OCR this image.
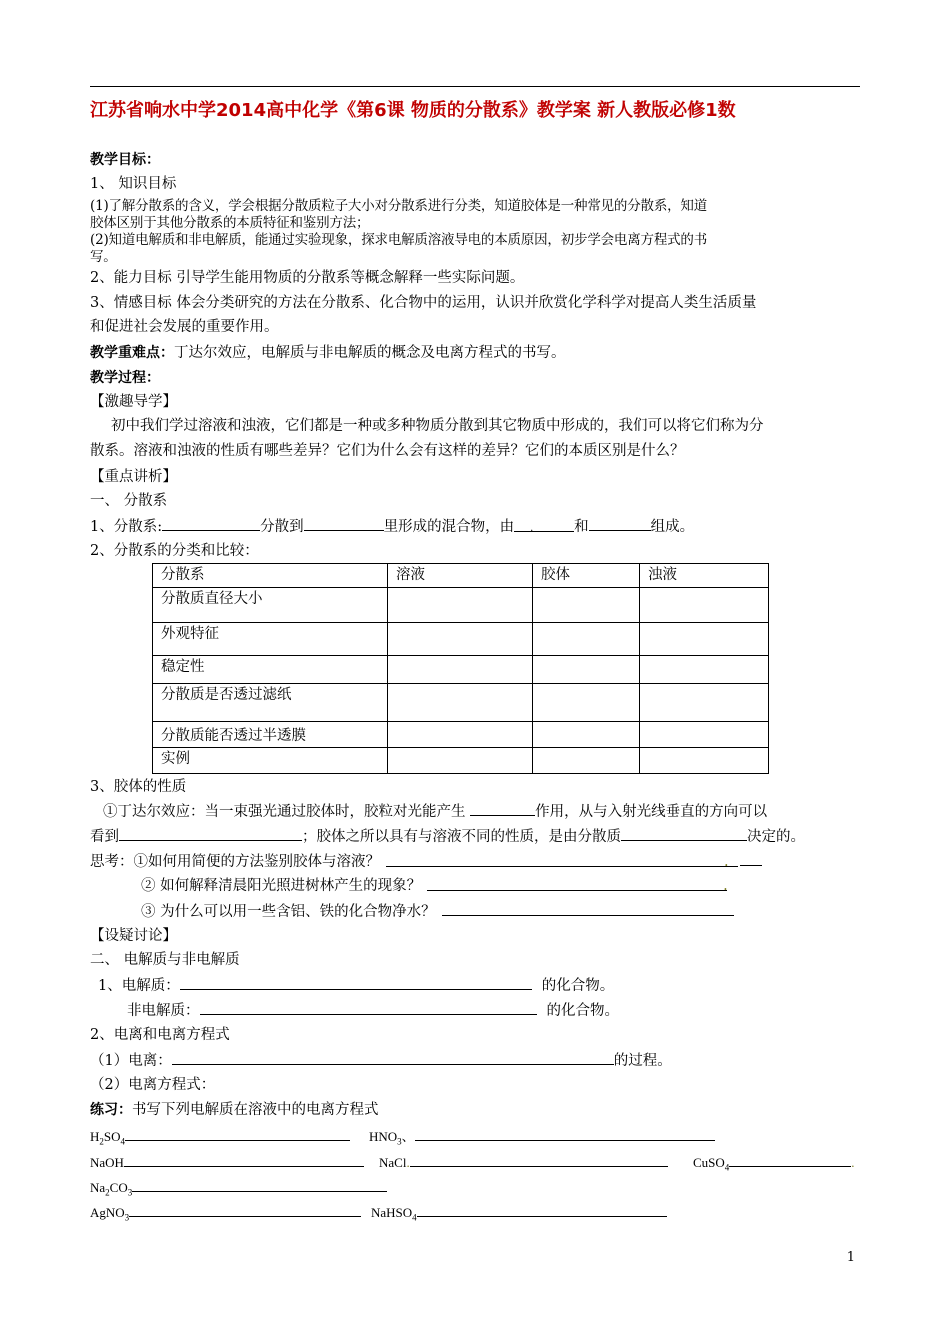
江苏省响水中学2014高中化学《第6课 物质的分散系》教学案 新人教版必修1数
教学目标：
1、 知识目标
(1)了解分散系的含义，学会根据分散质粒子大小对分散系进行分类，知道胶体是一种常见的分散系，知道
胶体区别于其他分散系的本质特征和鉴别方法；
(2)知道电解质和非电解质，能通过实验现象，探求电解质溶液导电的本质原因，初步学会电离方程式的书
写。
2、能力目标 引导学生能用物质的分散系等概念解释一些实际问题。
3、情感目标 体会分类研究的方法在分散系、化合物中的运用，认识并欣赏化学科学对提高人类生活质量
和促进社会发展的重要作用。
教学重难点：丁达尔效应，电解质与非电解质的概念及电离方程式的书写。
教学过程：
【激趣导学】
初中我们学过溶液和浊液，它们都是一种或多种物质分散到其它物质中形成的，我们可以将它们称为分
散系。溶液和浊液的性质有哪些差异？它们为什么会有这样的差异？它们的本质区别是什么？
【重点讲析】
一、 分散系
1、分散系:	分散到	里形成的混合物，由 .	和	组成。
2、分散系的分类和比较：
分散系	溶液	胶体	浊液
分散质直径大小			
外观特征			
稳定性			
分散质是否透过滤纸			
分散质能否透过半透膜			
实例			
3、胶体的性质
①丁达尔效应：当一束强光通过胶体时，胶粒对光能产生	作用，从与入射光线垂直的方向可以
看到	；胶体之所以具有与溶液不同的性质，是由分散质	决定的。
思考：①如何用简便的方法鉴别胶体与溶液？	.
② 如何解释清晨阳光照进树林产生的现象？	.
③ 为什么可以用一些含铝、铁的化合物净水？
【设疑讨论】
二、 电解质与非电解质
1、电解质：	的化合物。
非电解质：	的化合物。
2、电离和电离方程式
（1）电离：	的过程。
（2）电离方程式：
练习：书写下列电解质在溶液中的电离方程式
$H_2SO_4$	$HNO_3$、
NaOH	NaCl.	CuSO$_4$	.
$Na_2CO_3$
AgNO$_3$	NaHSO$_4$
1
